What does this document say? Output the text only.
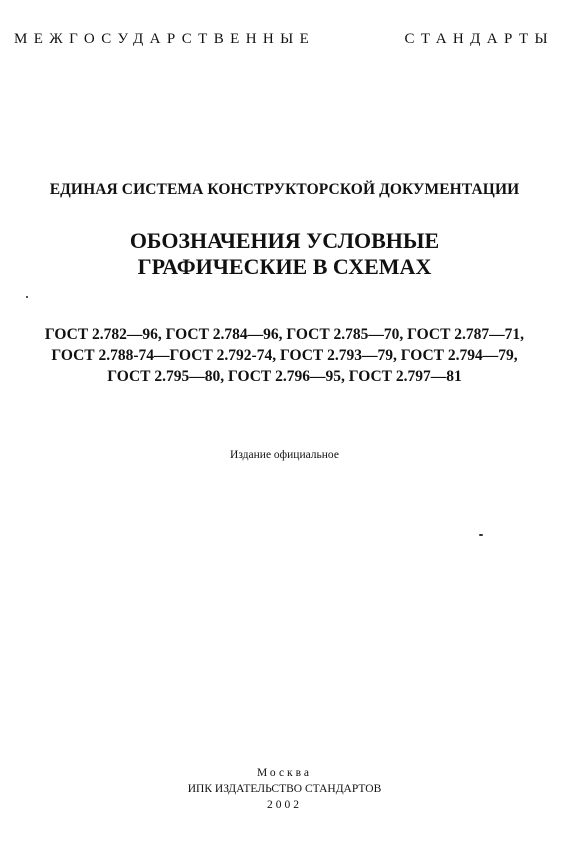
МЕЖГОСУДАРСТВЕННЫЕ	СТАНДАРТЫ
ЕДИНАЯ СИСТЕМА КОНСТРУКТОРСКОЙ ДОКУМЕНТАЦИИ
ОБОЗНАЧЕНИЯ УСЛОВНЫЕ
ГРАФИЧЕСКИЕ В СХЕМАХ
ГОСТ 2.782—96, ГОСТ 2.784—96, ГОСТ 2.785—70, ГОСТ 2.787—71,
ГОСТ 2.788-74—ГОСТ 2.792-74, ГОСТ 2.793—79, ГОСТ 2.794—79,
ГОСТ 2.795—80, ГОСТ 2.796—95, ГОСТ 2.797—81
Издание официальное
Москва
ИПК ИЗДАТЕЛЬСТВО СТАНДАРТОВ
2002
